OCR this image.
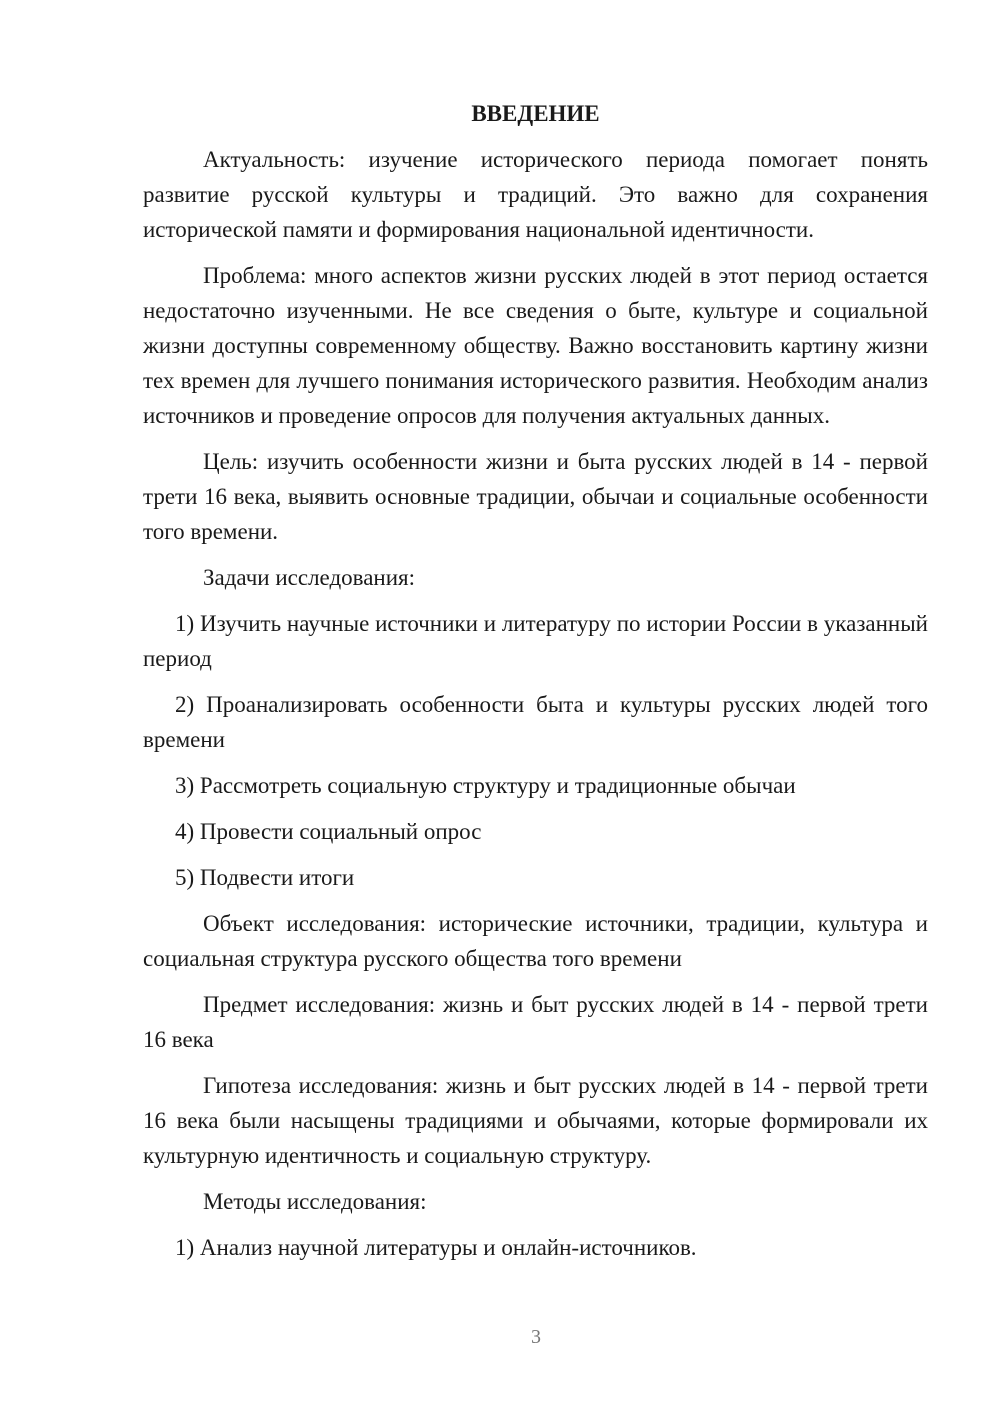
ВВЕДЕНИЕ

Актуальность: изучение исторического периода помогает понять развитие русской культуры и традиций. Это важно для сохранения исторической памяти и формирования национальной идентичности.

Проблема: много аспектов жизни русских людей в этот период остается недостаточно изученными. Не все сведения о быте, культуре и социальной жизни доступны современному обществу. Важно восстановить картину жизни тех времен для лучшего понимания исторического развития. Необходим анализ источников и проведение опросов для получения актуальных данных.

Цель: изучить особенности жизни и быта русских людей в 14 - первой трети 16 века, выявить основные традиции, обычаи и социальные особенности того времени.

Задачи исследования:

1) Изучить научные источники и литературу по истории России в указанный период

2) Проанализировать особенности быта и культуры русских людей того времени

3) Рассмотреть социальную структуру и традиционные обычаи

4) Провести социальный опрос

5) Подвести итоги

Объект исследования: исторические источники, традиции, культура и социальная структура русского общества того времени

Предмет исследования: жизнь и быт русских людей в 14 - первой трети 16 века

Гипотеза исследования: жизнь и быт русских людей в 14 - первой трети 16 века были насыщены традициями и обычаями, которые формировали их культурную идентичность и социальную структуру.

Методы исследования:

1) Анализ научной литературы и онлайн-источников.

3
